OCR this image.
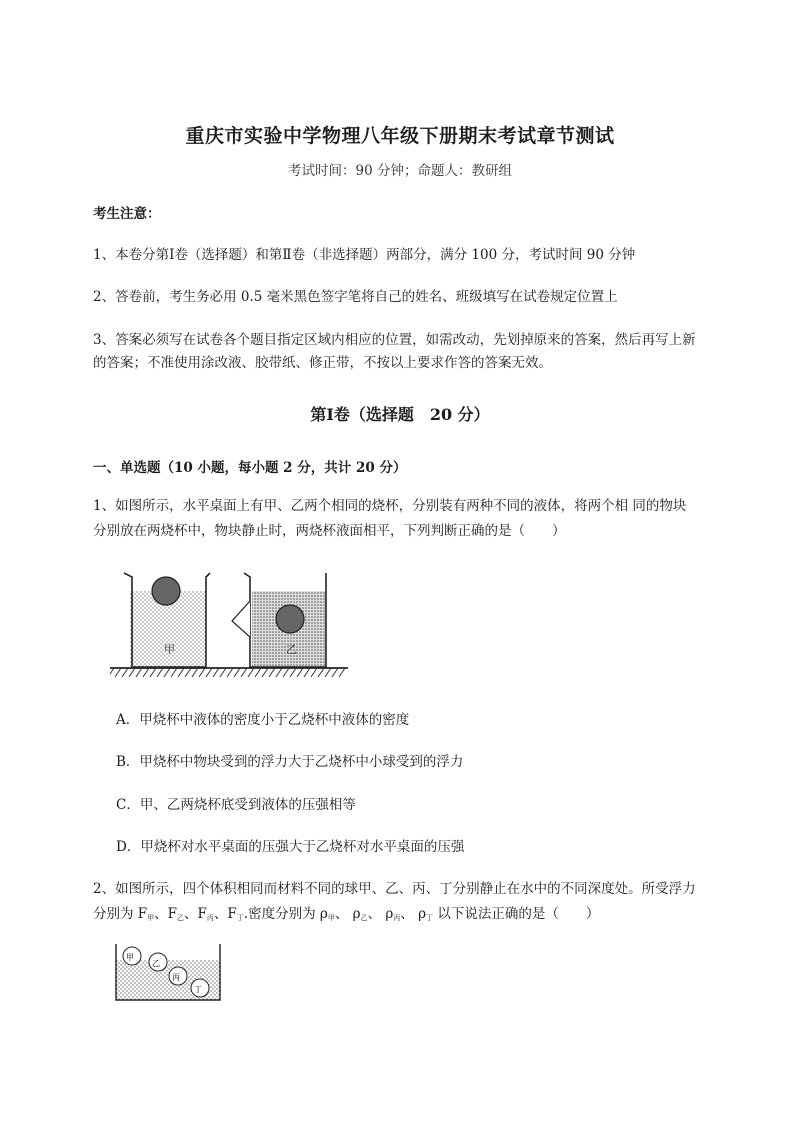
重庆市实验中学物理八年级下册期末考试章节测试
考试时间：90 分钟；命题人：教研组
考生注意：
1、本卷分第Ⅰ卷（选择题）和第Ⅱ卷（非选择题）两部分，满分 100 分，考试时间 90 分钟
2、答卷前，考生务必用 0.5 毫米黑色签字笔将自己的姓名、班级填写在试卷规定位置上
3、答案必须写在试卷各个题目指定区域内相应的位置，如需改动，先划掉原来的答案，然后再写上新
的答案；不准使用涂改液、胶带纸、修正带，不按以上要求作答的答案无效。
第Ⅰ卷（选择题　20 分）
一、单选题（10 小题，每小题 2 分，共计 20 分）
1、如图所示，水平桌面上有甲、乙两个相同的烧杯，分别装有两种不同的液体，将两个相 同的物块
分别放在两烧杯中，物块静止时，两烧杯液面相平，下列判断正确的是（　　）
甲	乙
A．甲烧杯中液体的密度小于乙烧杯中液体的密度
B．甲烧杯中物块受到的浮力大于乙烧杯中小球受到的浮力
C．甲、乙两烧杯底受到液体的压强相等
D．甲烧杯对水平桌面的压强大于乙烧杯对水平桌面的压强
2、如图所示，四个体积相同而材料不同的球甲、乙、丙、丁分别静止在水中的不同深度处。所受浮力
分别为 $F_甲$、$F_乙$、$F_丙$、$F_丁$.密度分别为 $\rho_甲$、 $\rho_乙$、 $\rho_丙$、 $\rho_丁$ 以下说法正确的是（　　）
甲
乙
丙
丁
